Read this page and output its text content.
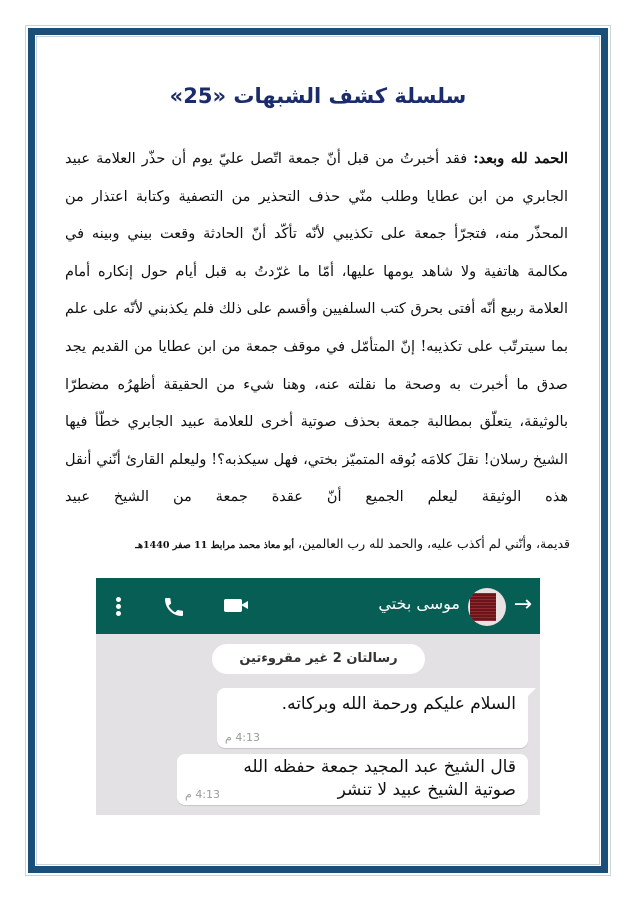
سلسلة كشف الشبهات «25»

الحمد لله وبعد: فقد أخبرتُ من قبل أنّ جمعة اتّصل عليّ يوم أن حذّر العلامة عبيد الجابري من ابن عطايا وطلب منّي حذف التحذير من التصفية وكتابة اعتذار من المحذّر منه، فتجرّأ جمعة على تكذيبي لأنّه تأكّد أنّ الحادثة وقعت بيني وبينه في مكالمة هاتفية ولا شاهد يومها عليها، أمّا ما غرّدتُ به قبل أيام حول إنكاره أمام العلامة ربيع أنّه أفتى بحرق كتب السلفيين وأقسم على ذلك فلم يكذبني لأنّه على علم بما سيترتّب على تكذيبه! إنّ المتأمّل في موقف جمعة من ابن عطايا من القديم يجد صدق ما أخبرت به وصحة ما نقلته عنه، وهنا شيء من الحقيقة أظهرُه مضطرّا بالوثيقة، يتعلّق بمطالبة جمعة بحذف صوتية أخرى للعلامة عبيد الجابري خطّأ فيها الشيخ رسلان! نقلَ كلامَه بُوقه المتميّز بختي، فهل سيكذبه؟! وليعلم القارئ أنّني أنقل هذه الوثيقة ليعلم الجميع أنّ عقدة جمعة من الشيخ عبيد

قديمة، وأنّني لم أكذب عليه، والحمد لله رب العالمين، أبو معاذ محمد مرابط 11 صفر 1440هـ
→
موسى بختي
رسالتان 2 غير مقروءتين
السلام عليكم ورحمة الله وبركاته.
4:13 م
قال الشيخ عبد المجيد جمعة حفظه الله
صوتية الشيخ عبيد لا تنشر
4:13 م
